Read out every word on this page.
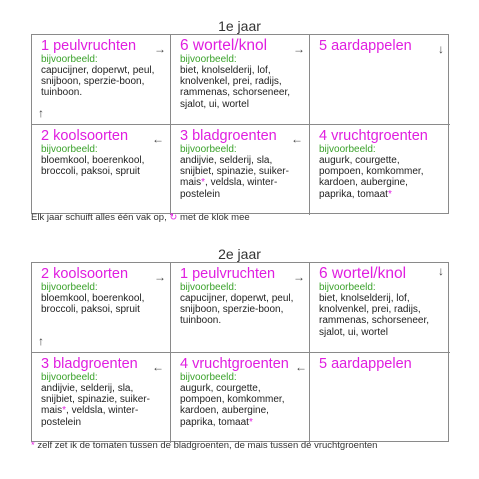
1e jaar
1 peulvruchten
bijvoorbeeld:
capucijner, doperwt, peul, snijboon, sperzie-boon, tuinboon.
→
↑
6 wortel/knol
bijvoorbeeld:
biet, knolselderij, lof, knolvenkel, prei, radijs, rammenas, schorseneer, sjalot, ui, wortel
→ 5 aardappelen	↓
2 koolsoorten
bijvoorbeeld:
bloemkool, boerenkool, broccoli, paksoi, spruit
← 3 bladgroenten
bijvoorbeeld:
andijvie, selderij, sla, snijbiet, spinazie, suiker-mais*, veldsla, winter-postelein
← 4 vruchtgroenten
bijvoorbeeld:
augurk, courgette, pompoen, komkommer, kardoen, aubergine, paprika, tomaat*
Elk jaar schuift alles één vak op, ↻ met de klok mee
2e jaar
2 koolsoorten
bijvoorbeeld:
bloemkool, boerenkool, broccoli, paksoi, spruit
→
↑
1 peulvruchten
bijvoorbeeld:
capucijner, doperwt, peul, snijboon, sperzie-boon, tuinboon.
→ 6 wortel/knol
bijvoorbeeld:
biet, knolselderij, lof, knolvenkel, prei, radijs, rammenas, schorseneer, sjalot, ui, wortel
↓
3 bladgroenten
bijvoorbeeld:
andijvie, selderij, sla, snijbiet, spinazie, suiker-mais*, veldsla, winter-postelein
← 4 vruchtgroenten
bijvoorbeeld:
augurk, courgette, pompoen, komkommer, kardoen, aubergine, paprika, tomaat*
← 5 aardappelen
* zelf zet ik de tomaten tussen de bladgroenten, de mais tussen de vruchtgroenten
